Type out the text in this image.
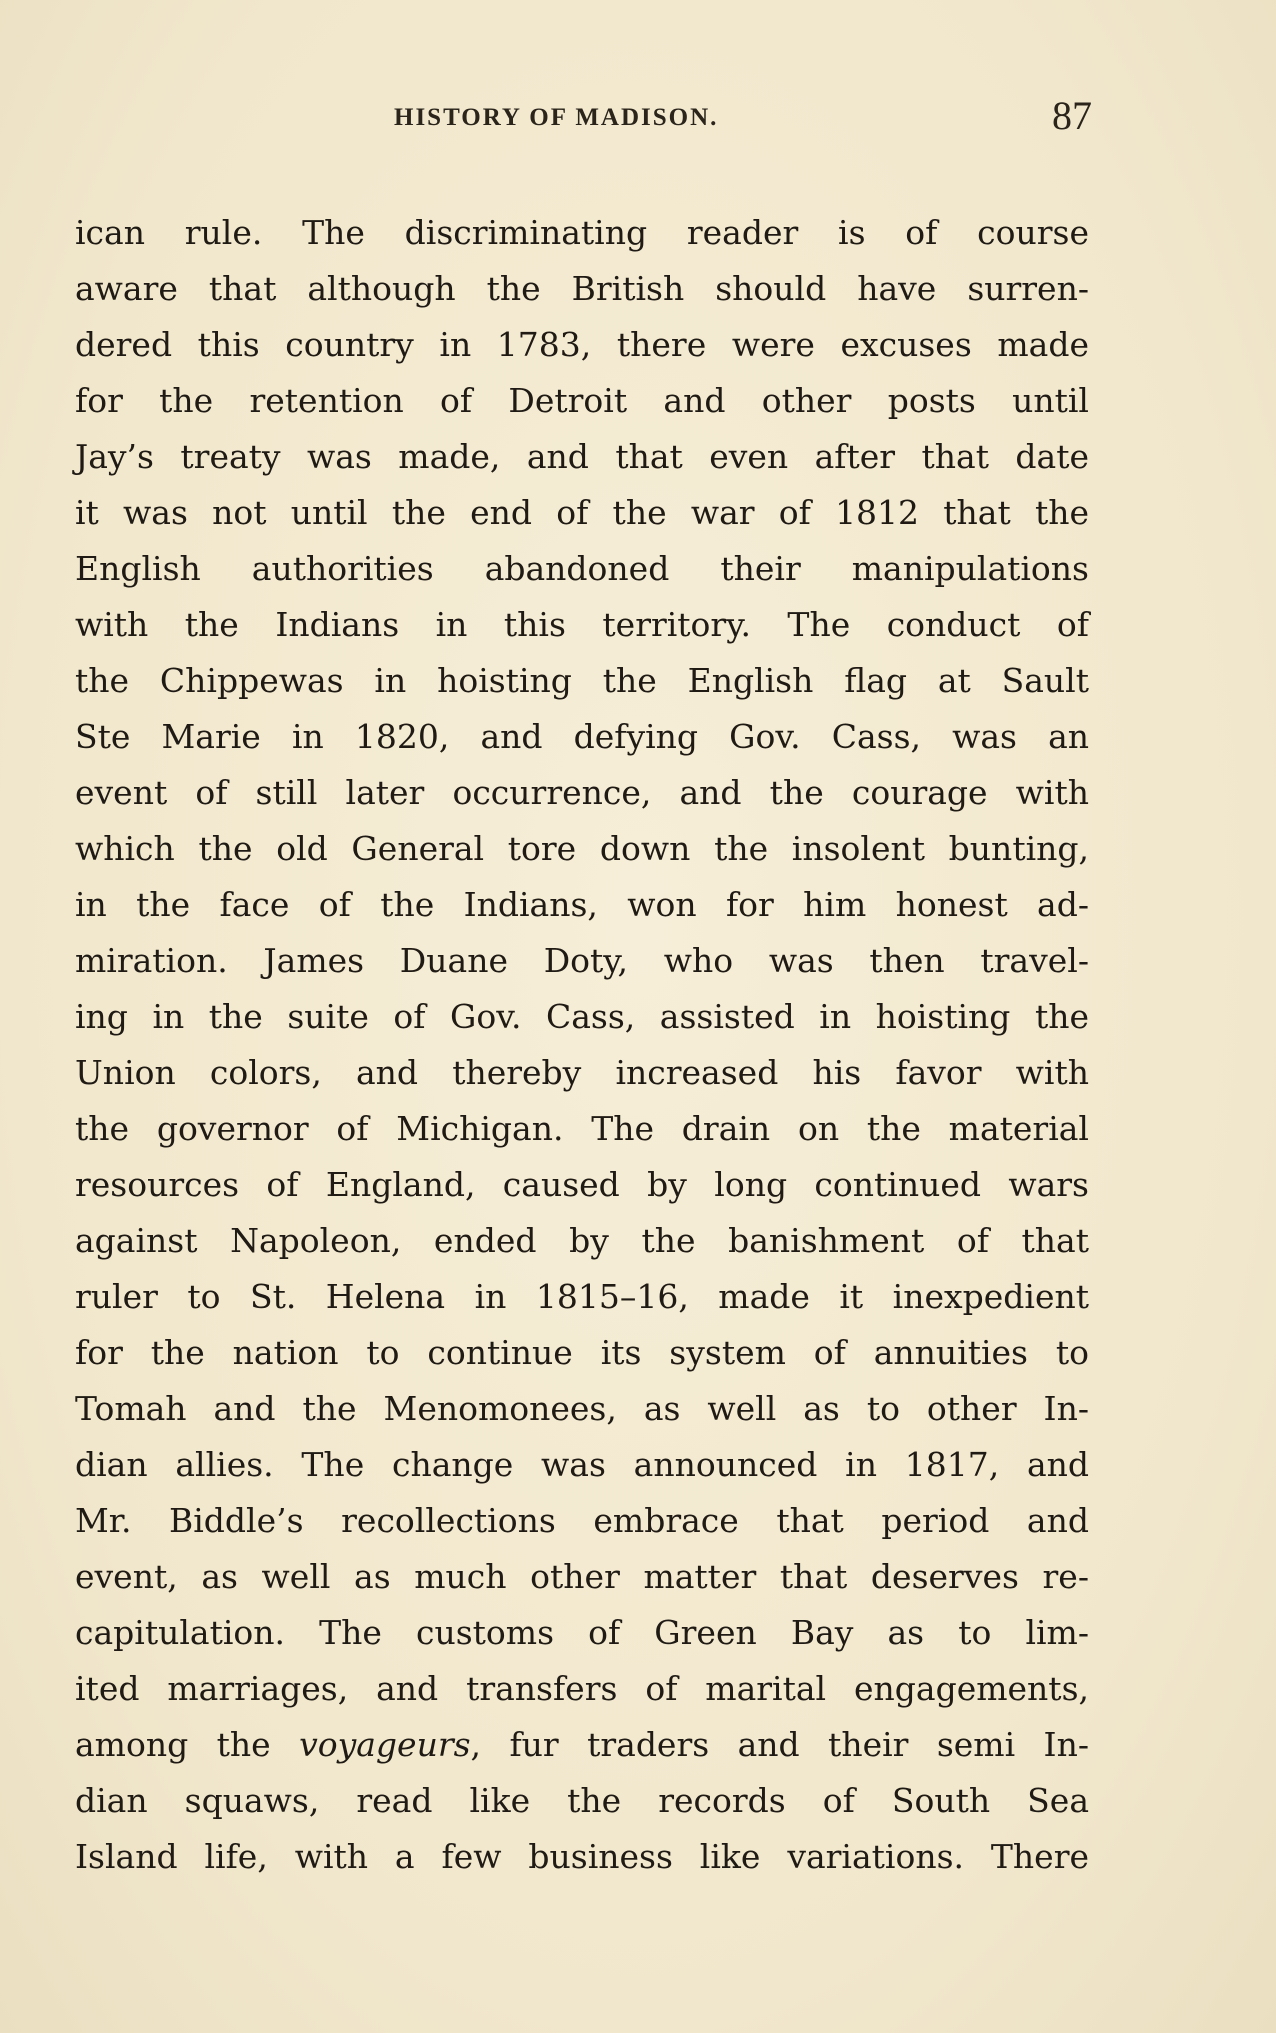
HISTORY OF MADISON.	87
ican rule. The discriminating reader is of course
aware that although the British should have surren-
dered this country in 1783, there were excuses made
for the retention of Detroit and other posts until
Jay’s treaty was made, and that even after that date
it was not until the end of the war of 1812 that the
English authorities abandoned their manipulations
with the Indians in this territory. The conduct of
the Chippewas in hoisting the English flag at Sault
Ste Marie in 1820, and defying Gov. Cass, was an
event of still later occurrence, and the courage with
which the old General tore down the insolent bunting,
in the face of the Indians, won for him honest ad-
miration. James Duane Doty, who was then travel-
ing in the suite of Gov. Cass, assisted in hoisting the
Union colors, and thereby increased his favor with
the governor of Michigan. The drain on the material
resources of England, caused by long continued wars
against Napoleon, ended by the banishment of that
ruler to St. Helena in 1815–16, made it inexpedient
for the nation to continue its system of annuities to
Tomah and the Menomonees, as well as to other In-
dian allies. The change was announced in 1817, and
Mr. Biddle’s recollections embrace that period and
event, as well as much other matter that deserves re-
capitulation. The customs of Green Bay as to lim-
ited marriages, and transfers of marital engagements,
among the voyageurs, fur traders and their semi In-
dian squaws, read like the records of South Sea
Island life, with a few business like variations. There
